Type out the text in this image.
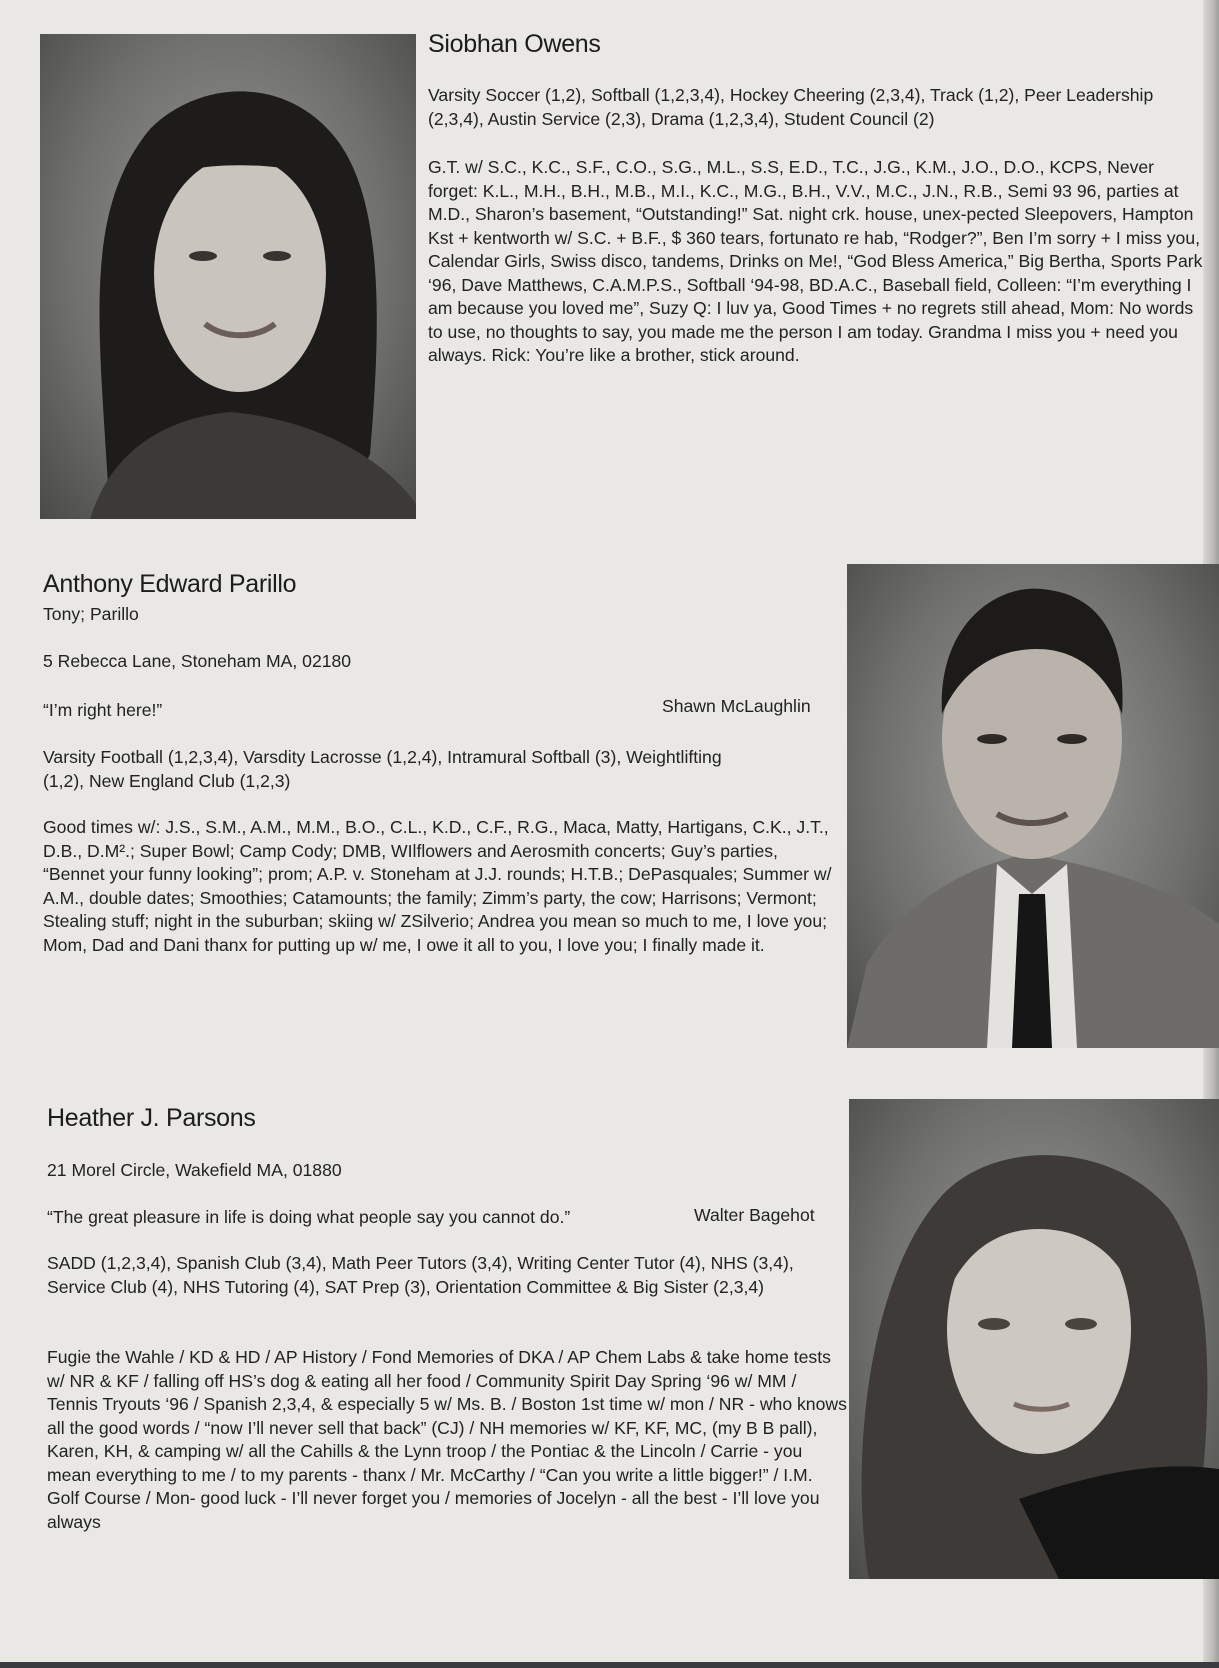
Siobhan Owens

Varsity Soccer (1,2), Softball (1,2,3,4), Hockey Cheering (2,3,4), Track (1,2), Peer Leadership (2,3,4), Austin Service (2,3), Drama (1,2,3,4), Student Council (2)

G.T. w/ S.C., K.C., S.F., C.O., S.G., M.L., S.S, E.D., T.C., J.G., K.M., J.O., D.O., KCPS, Never forget: K.L., M.H., B.H., M.B., M.I., K.C., M.G., B.H., V.V., M.C., J.N., R.B., Semi 93 96, parties at M.D., Sharon’s basement, “Outstanding!” Sat. night crk. house, unex-pected Sleepovers, Hampton Kst + kentworth w/ S.C. + B.F., $ 360 tears, fortunato re hab, “Rodger?”, Ben I’m sorry + I miss you, Calendar Girls, Swiss disco, tandems, Drinks on Me!, “God Bless America,” Big Bertha, Sports Park ‘96, Dave Matthews, C.A.M.P.S., Softball ‘94-98, BD.A.C., Baseball field, Colleen: “I’m everything I am because you loved me”, Suzy Q: I luv ya, Good Times + no regrets still ahead, Mom: No words to use, no thoughts to say, you made me the person I am today. Grandma I miss you + need you always. Rick: You’re like a brother, stick around.

Anthony Edward Parillo

Tony; Parillo

5 Rebecca Lane, Stoneham MA, 02180

“I’m right here!”	Shawn McLaughlin

Varsity Football (1,2,3,4), Varsdity Lacrosse (1,2,4), Intramural Softball (3), Weightlifting (1,2), New England Club (1,2,3)

Good times w/: J.S., S.M., A.M., M.M., B.O., C.L., K.D., C.F., R.G., Maca, Matty, Hartigans, C.K., J.T., D.B., D.M².; Super Bowl; Camp Cody; DMB, WIlflowers and Aerosmith concerts; Guy’s parties, “Bennet your funny looking”; prom; A.P. v. Stoneham at J.J. rounds; H.T.B.; DePasquales; Summer w/ A.M., double dates; Smoothies; Catamounts; the family; Zimm’s party, the cow; Harrisons; Vermont; Stealing stuff; night in the suburban; skiing w/ ZSilverio; Andrea you mean so much to me, I love you; Mom, Dad and Dani thanx for putting up w/ me, I owe it all to you, I love you; I finally made it.

Heather J. Parsons

21 Morel Circle, Wakefield MA, 01880

“The great pleasure in life is doing what people say you cannot do.”	Walter Bagehot

SADD (1,2,3,4), Spanish Club (3,4), Math Peer Tutors (3,4), Writing Center Tutor (4), NHS (3,4), Service Club (4), NHS Tutoring (4), SAT Prep (3), Orientation Committee & Big Sister (2,3,4)

Fugie the Wahle / KD & HD / AP History / Fond Memories of DKA / AP Chem Labs & take home tests w/ NR & KF / falling off HS’s dog & eating all her food / Community Spirit Day Spring ‘96 w/ MM / Tennis Tryouts ‘96 / Spanish 2,3,4, & especially 5 w/ Ms. B. / Boston 1st time w/ mon / NR - who knows all the good words / “now I’ll never sell that back” (CJ) / NH memories w/ KF, KF, MC, (my B B pall), Karen, KH, & camping w/ all the Cahills & the Lynn troop / the Pontiac & the Lincoln / Carrie - you mean everything to me / to my parents - thanx / Mr. McCarthy / “Can you write a little bigger!” / I.M. Golf Course / Mon- good luck - I’ll never forget you / memories of Jocelyn - all the best - I’ll love you always
